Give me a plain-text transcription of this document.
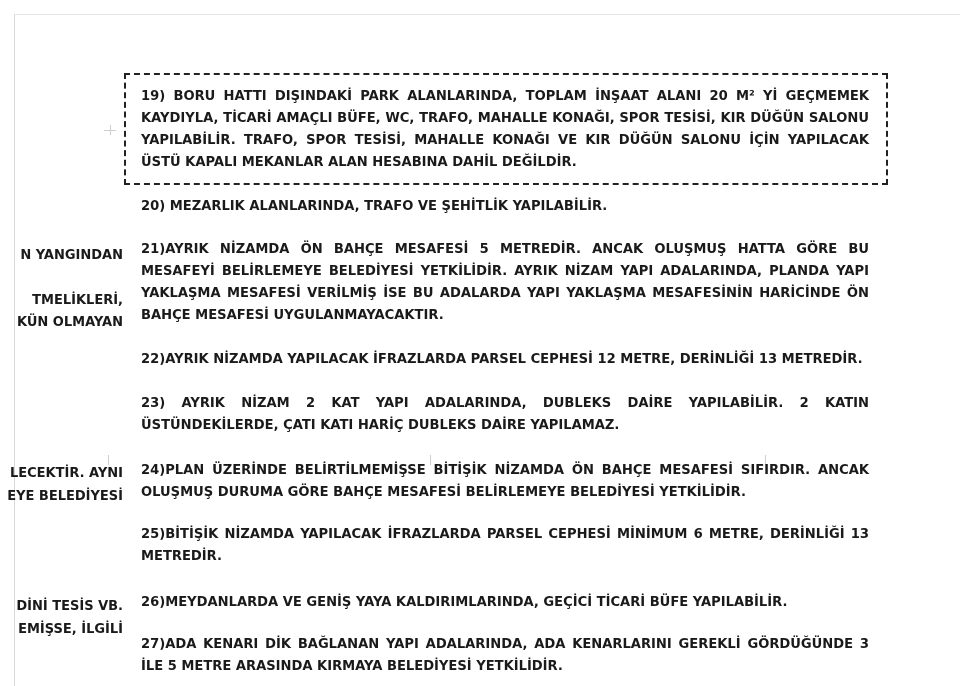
N YANGINDAN
TMELİKLERİ,
KÜN OLMAYAN
LECEKTİR. AYNI
EYE BELEDİYESİ
DİNİ TESİS VB.
EMİŞSE, İLGİLİ
19) BORU HATTI DIŞINDAKİ PARK ALANLARINDA, TOPLAM İNŞAAT ALANI 20 M² Yİ GEÇMEMEK KAYDIYLA, TİCARİ AMAÇLI BÜFE, WC, TRAFO, MAHALLE KONAĞI, SPOR TESİSİ, KIR DÜĞÜN SALONU YAPILABİLİR. TRAFO, SPOR TESİSİ, MAHALLE KONAĞI VE KIR DÜĞÜN SALONU İÇİN YAPILACAK ÜSTÜ KAPALI MEKANLAR ALAN HESABINA DAHİL DEĞİLDİR.
20) MEZARLIK ALANLARINDA, TRAFO VE ŞEHİTLİK YAPILABİLİR.
21)AYRIK NİZAMDA ÖN BAHÇE MESAFESİ 5 METREDİR. ANCAK OLUŞMUŞ HATTA GÖRE BU MESAFEYİ BELİRLEMEYE BELEDİYESİ YETKİLİDİR. AYRIK NİZAM YAPI ADALARINDA, PLANDA YAPI YAKLAŞMA MESAFESİ VERİLMİŞ İSE BU ADALARDA YAPI YAKLAŞMA MESAFESİNİN HARİCİNDE ÖN BAHÇE MESAFESİ UYGULANMAYACAKTIR.
22)AYRIK NİZAMDA YAPILACAK İFRAZLARDA PARSEL CEPHESİ 12 METRE, DERİNLİĞİ 13 METREDİR.
23) AYRIK NİZAM 2 KAT YAPI ADALARINDA, DUBLEKS DAİRE YAPILABİLİR. 2 KATIN ÜSTÜNDEKİLERDE, ÇATI KATI HARİÇ DUBLEKS DAİRE YAPILAMAZ.
24)PLAN ÜZERİNDE BELİRTİLMEMİŞSE BİTİŞİK NİZAMDA ÖN BAHÇE MESAFESİ SIFIRDIR. ANCAK OLUŞMUŞ DURUMA GÖRE BAHÇE MESAFESİ BELİRLEMEYE BELEDİYESİ YETKİLİDİR.
25)BİTİŞİK NİZAMDA YAPILACAK İFRAZLARDA PARSEL CEPHESİ MİNİMUM 6 METRE, DERİNLİĞİ 13 METREDİR.
26)MEYDANLARDA VE GENİŞ YAYA KALDIRIMLARINDA, GEÇİCİ TİCARİ BÜFE YAPILABİLİR.
27)ADA KENARI DİK BAĞLANAN YAPI ADALARINDA, ADA KENARLARINI GEREKLİ GÖRDÜĞÜNDE 3 İLE 5 METRE ARASINDA KIRMAYA BELEDİYESİ YETKİLİDİR.
